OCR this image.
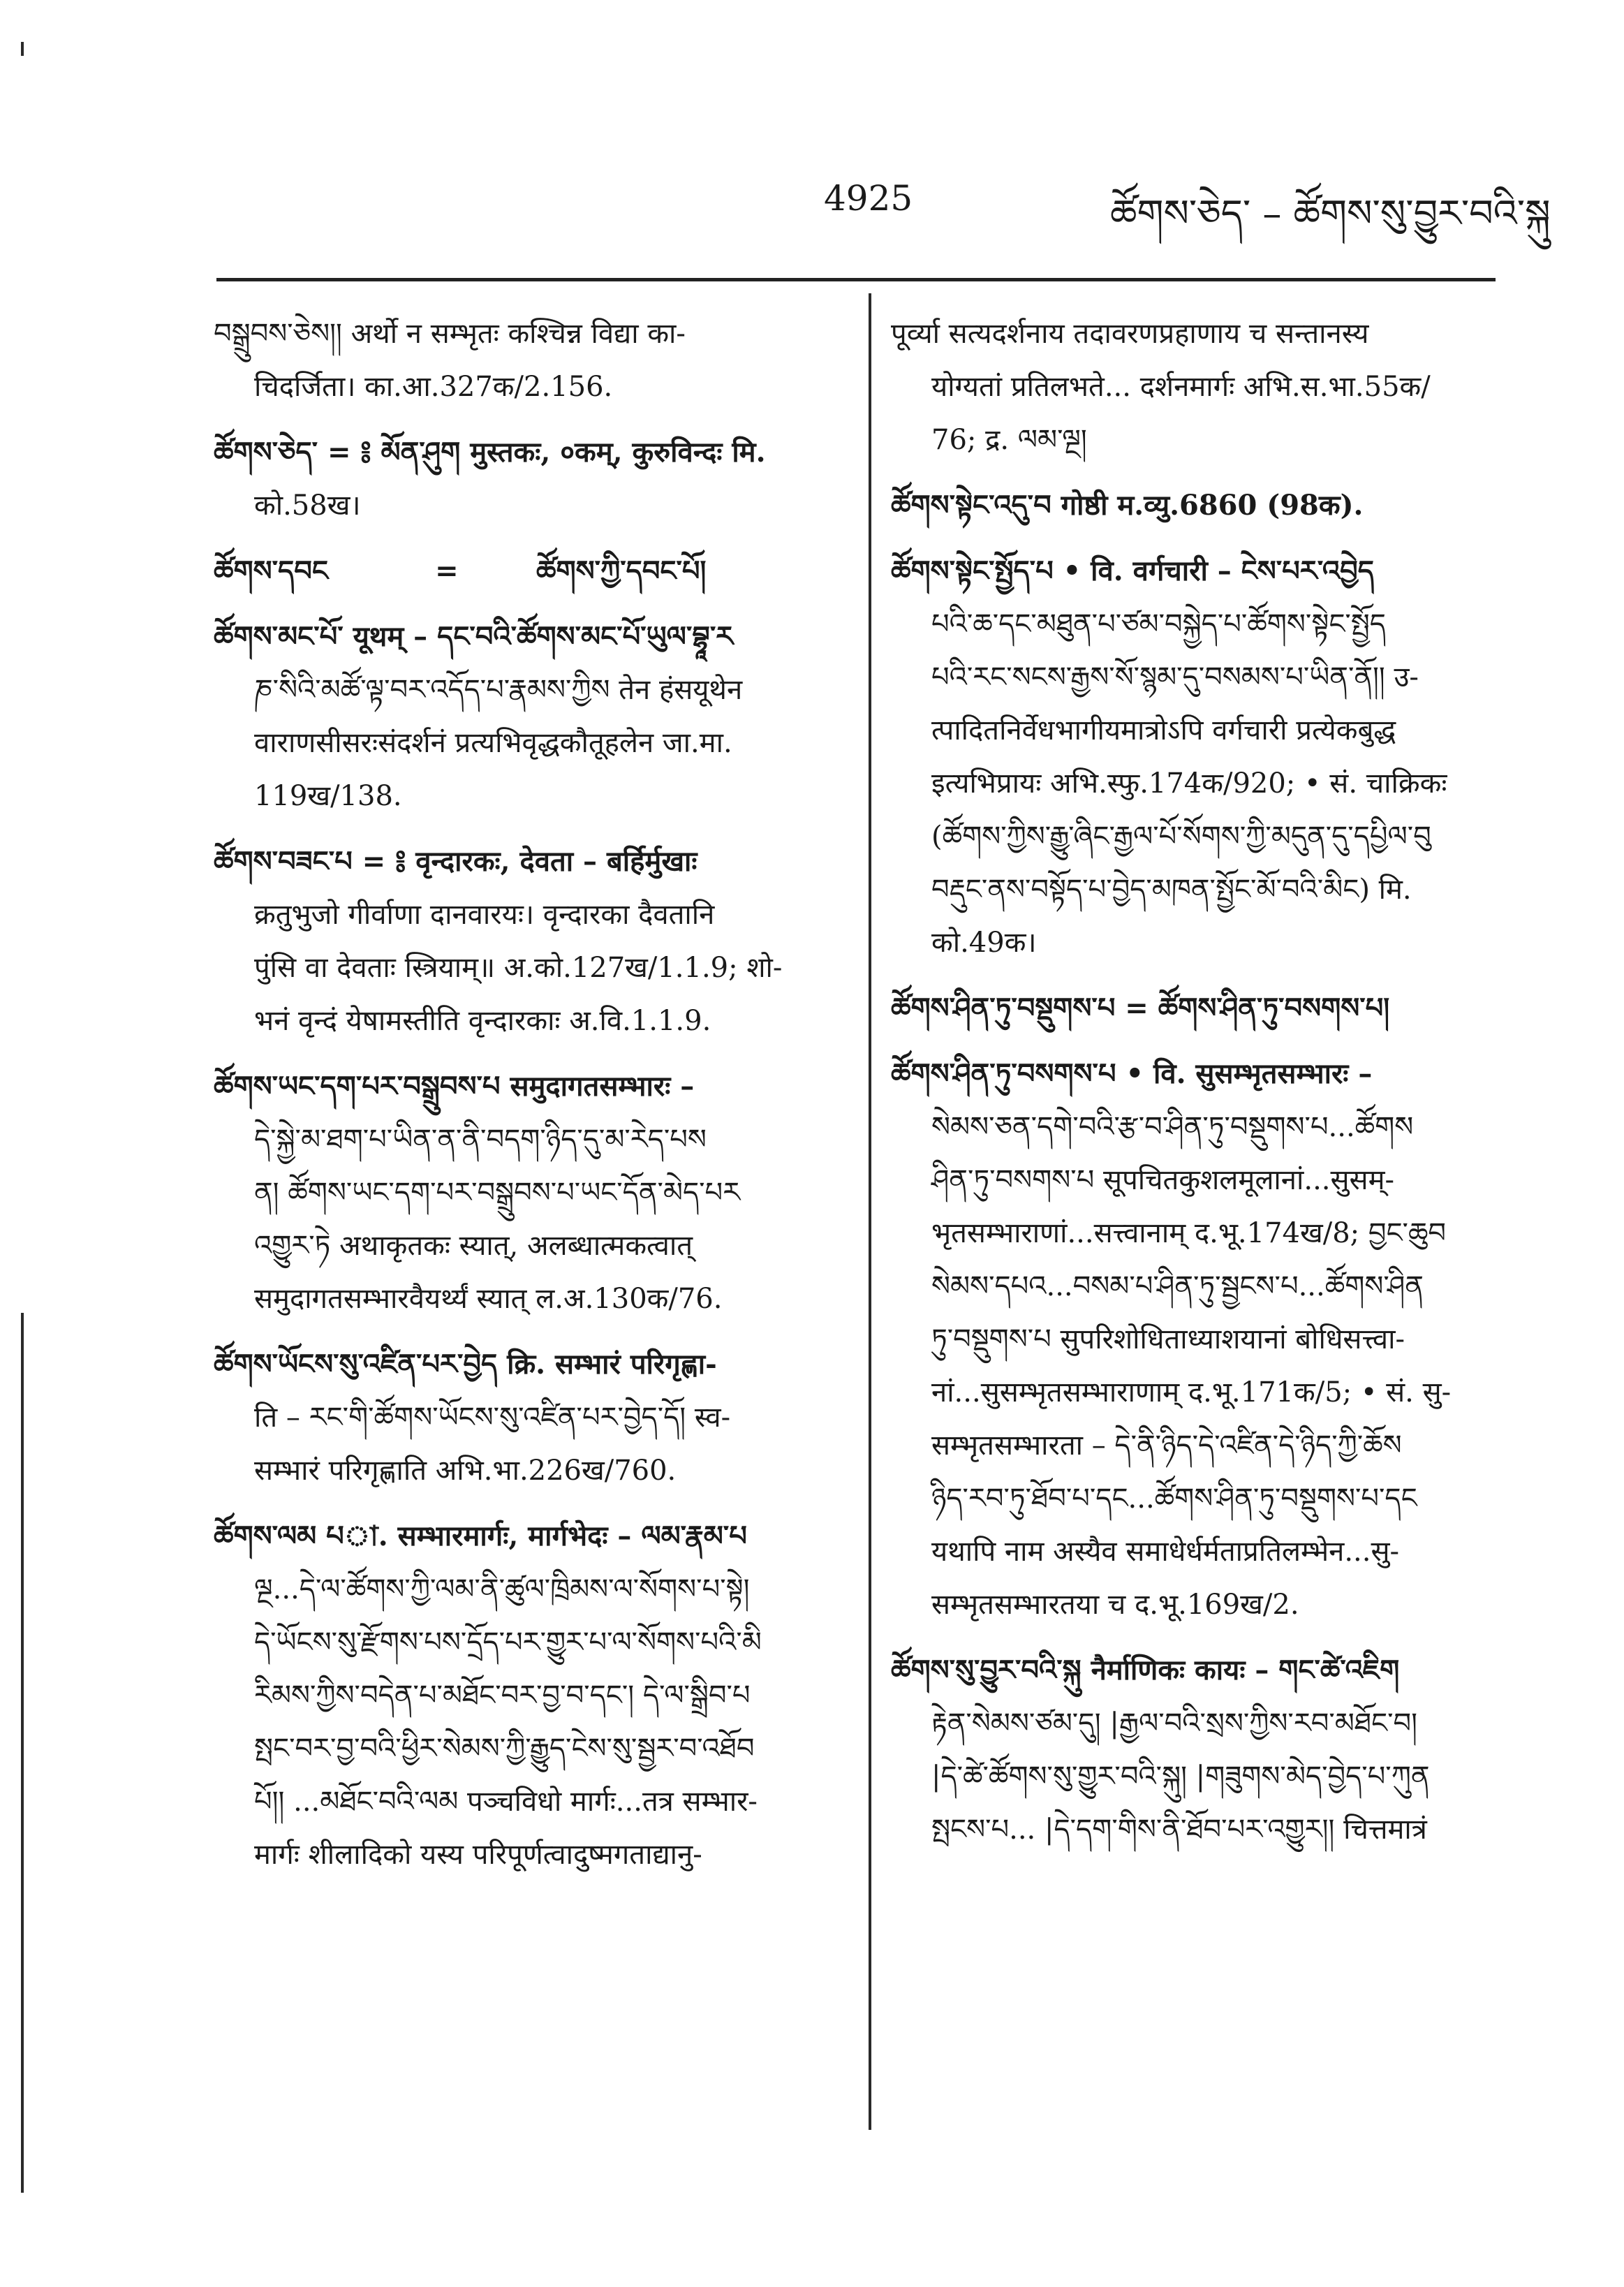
4925	ཚོགས་ཅེད་ – ཚོགས་སུ་བྱུར་བའི་སྐུ

བསྒྲུབས་ཅེས།། अर्थो न सम्भृतः कश्चिन्न विद्या का-

चिदर्जिता। का.आ.327क/2.156.

ཚོགས་ཅེད་ = ༔ མོན་ཤུག मुस्तकः, ०कम्, कुरुविन्दः मि.

को.58ख।

ཚོགས་དབང           =        ཚོགས་ཀྱི་དབང་པོ།

ཚོགས་མང་པོ་ यूथम् – དང་བའི་ཚོགས་མང་པོ་ཡུལ་བྷཱ་ར

ཎ་སིའི་མཚོ་ལྟ་བར་འདོད་པ་རྣམས་ཀྱིས तेन हंसयूथेन

वाराणसीसरःसंदर्शनं प्रत्यभिवृद्धकौतूहलेन जा.मा.

119ख/138.

ཚོགས་བཟང་པ = ༔ वृन्दारकः, देवता – बर्हिर्मुखाः

क्रतुभुजो गीर्वाणा दानवारयः। वृन्दारका दैवतानि

पुंसि वा देवताः स्त्रियाम्॥ अ.को.127ख/1.1.9; शो-

भनं वृन्दं येषामस्तीति वृन्दारकाः अ.वि.1.1.9.

ཚོགས་ཡང་དག་པར་བསྒྲུབས་པ समुदागतसम्भारः –

དེ་སྐྱེ་མ་ཐག་པ་ཡིན་ན་ནི་བདག་ཉིད་དུ་མ་རེད་པས

ན། ཚོགས་ཡང་དག་པར་བསྒྲུབས་པ་ཡང་དོན་མེད་པར

འགྱུར་ཏེ अथाकृतकः स्यात्, अलब्धात्मकत्वात्

समुदागतसम्भारवैयर्थ्यं स्यात् ल.अ.130क/76.

ཚོགས་ཡོངས་སུ་འཛིན་པར་བྱེད क्रि. सम्भारं परिगृह्णा-

ति – རང་གི་ཚོགས་ཡོངས་སུ་འཛིན་པར་བྱེད་དོ། स्व-

सम्भारं परिगृह्णाति अभि.भा.226ख/760.

ཚོགས་ལམ པা. सम्भारमार्गः, मार्गभेदः – ལམ་རྣམ་པ

ལྔ...དེ་ལ་ཚོགས་ཀྱི་ལམ་ནི་ཚུལ་ཁྲིམས་ལ་སོགས་པ་སྟེ།

དེ་ཡོངས་སུ་རྫོགས་པས་དྲོད་པར་གྱུར་པ་ལ་སོགས་པའི་མི

རིམས་ཀྱིས་བདེན་པ་མཐོང་བར་བྱ་བ་དང་། དེ་ལ་སྒྲིབ་པ

སྤང་བར་བྱ་བའི་ཕྱིར་སེམས་ཀྱི་རྒྱུད་ངེས་སུ་སྦྱར་བ་འཐོབ

པོ།། ...མཐོང་བའི་ལམ पञ्चविधो मार्गः...तत्र सम्भार-

मार्गः शीलादिको यस्य परिपूर्णत्वादुष्मगताद्यानु-

पूर्व्या सत्यदर्शनाय तदावरणप्रहाणाय च सन्तानस्य

योग्यतां प्रतिलभते... दर्शनमार्गः अभि.स.भा.55क/

76; द्र. ལམ་ལྔ།

ཚོགས་སྟེང་འདུ་བ गोष्ठी म.व्यु.6860 (98क).

ཚོགས་སྟེང་སྤྱོད་པ • वि. वर्गचारी – ངེས་པར་འབྱེད

པའི་ཆ་དང་མཐུན་པ་ཙམ་བསྐྱེད་པ་ཚོགས་སྟེང་སྤྱོད

པའི་རང་སངས་རྒྱས་སོ་སྙམ་དུ་བསམས་པ་ཡིན་ནོ།། उ-

त्पादितनिर्वेधभागीयमात्रोऽपि वर्गचारी प्रत्येकबुद्ध

इत्यभिप्रायः अभि.स्फु.174क/920; • सं. चाक्रिकः

(ཚོགས་ཀྱིས་རྒྱུ་ཞིང་རྒྱལ་པོ་སོགས་ཀྱི་མདུན་དུ་དཔྱིལ་བུ

བརྡུང་ནས་བསྟོད་པ་བྱེད་མཁན་སྤྱོང་མོ་བའི་མིང) मि.

को.49क।

ཚོགས་ཤིན་ཏུ་བསྡུགས་པ = ཚོགས་ཤིན་ཏུ་བསགས་པ།

ཚོགས་ཤིན་ཏུ་བསགས་པ • वि. सुसम्भृतसम्भारः –

སེམས་ཅན་དགེ་བའི་རྩ་བ་ཤིན་ཏུ་བསྡུགས་པ...ཚོགས

ཤིན་ཏུ་བསགས་པ सूपचितकुशलमूलानां...सुसम्-

भृतसम्भाराणां...सत्त्वानाम् द.भू.174ख/8; བྱང་ཆུབ

སེམས་དཔའ...བསམ་པ་ཤིན་ཏུ་སྦྱངས་པ...ཚོགས་ཤིན

ཏུ་བསྡུགས་པ सुपरिशोधिताध्याशयानां बोधिसत्त्वा-

नां...सुसम्भृतसम्भाराणाम् द.भू.171क/5; • सं. सु-

सम्भृतसम्भारता – དེ་ནི་ཉིད་དེ་འཛིན་དེ་ཉིད་ཀྱི་ཆོས

ཉིད་རབ་ཏུ་ཐོབ་པ་དང...ཚོགས་ཤིན་ཏུ་བསྡུགས་པ་དང

यथापि नाम अस्यैव समाधेर्धर्मताप्रतिलम्भेन...सु-

सम्भृतसम्भारतया च द.भू.169ख/2.

ཚོགས་སུ་བྱུར་བའི་སྐུ नैर्माणिकः कायः – གང་ཚེ་འཇིག

རྟེན་སེམས་ཙམ་དུ། |རྒྱལ་བའི་སྲས་ཀྱིས་རབ་མཐོང་བ།

|དེ་ཚེ་ཚོགས་སུ་གྱུར་བའི་སྐུ། |གཟུགས་མེད་བྱེད་པ་ཀུན

སྤངས་པ... |དེ་དག་གིས་ནི་ཐོབ་པར་འགྱུར།། चित्तमात्रं
